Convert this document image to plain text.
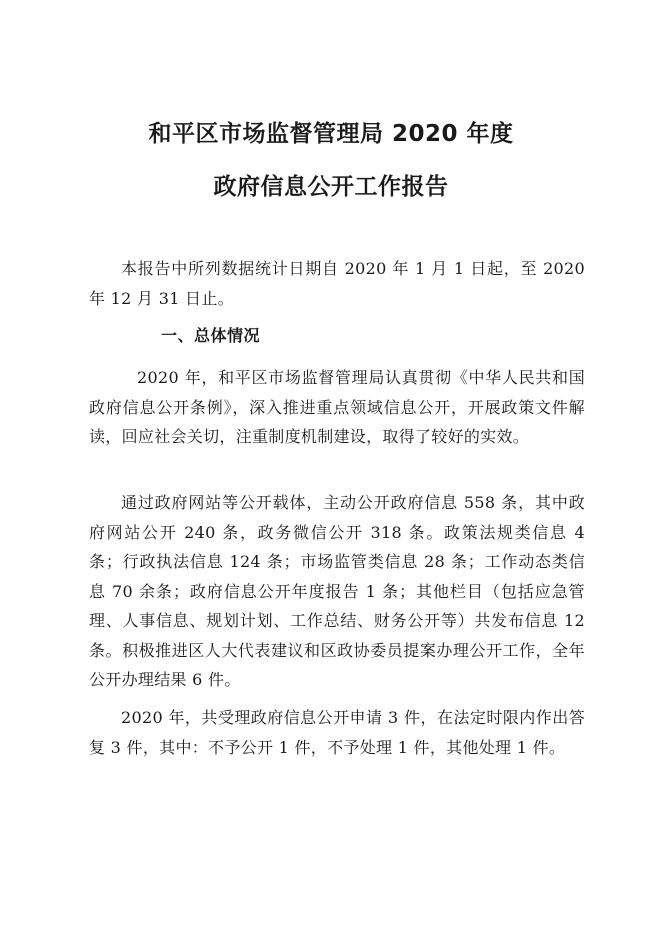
和平区市场监督管理局 2020 年度
政府信息公开工作报告

本报告中所列数据统计日期自 2020 年 1 月 1 日起，至 2020 年 12 月 31 日止。

一、总体情况

2020 年，和平区市场监督管理局认真贯彻《中华人民共和国政府信息公开条例》，深入推进重点领域信息公开，开展政策文件解读，回应社会关切，注重制度机制建设，取得了较好的实效。

通过政府网站等公开载体，主动公开政府信息 558 条，其中政府网站公开 240 条，政务微信公开 318 条。政策法规类信息 4 条；行政执法信息 124 条；市场监管类信息 28 条；工作动态类信息 70 余条；政府信息公开年度报告 1 条；其他栏目（包括应急管理、人事信息、规划计划、工作总结、财务公开等）共发布信息 12 条。积极推进区人大代表建议和区政协委员提案办理公开工作，全年公开办理结果 6 件。

2020 年，共受理政府信息公开申请 3 件，在法定时限内作出答复 3 件，其中：不予公开 1 件，不予处理 1 件，其他处理 1 件。
